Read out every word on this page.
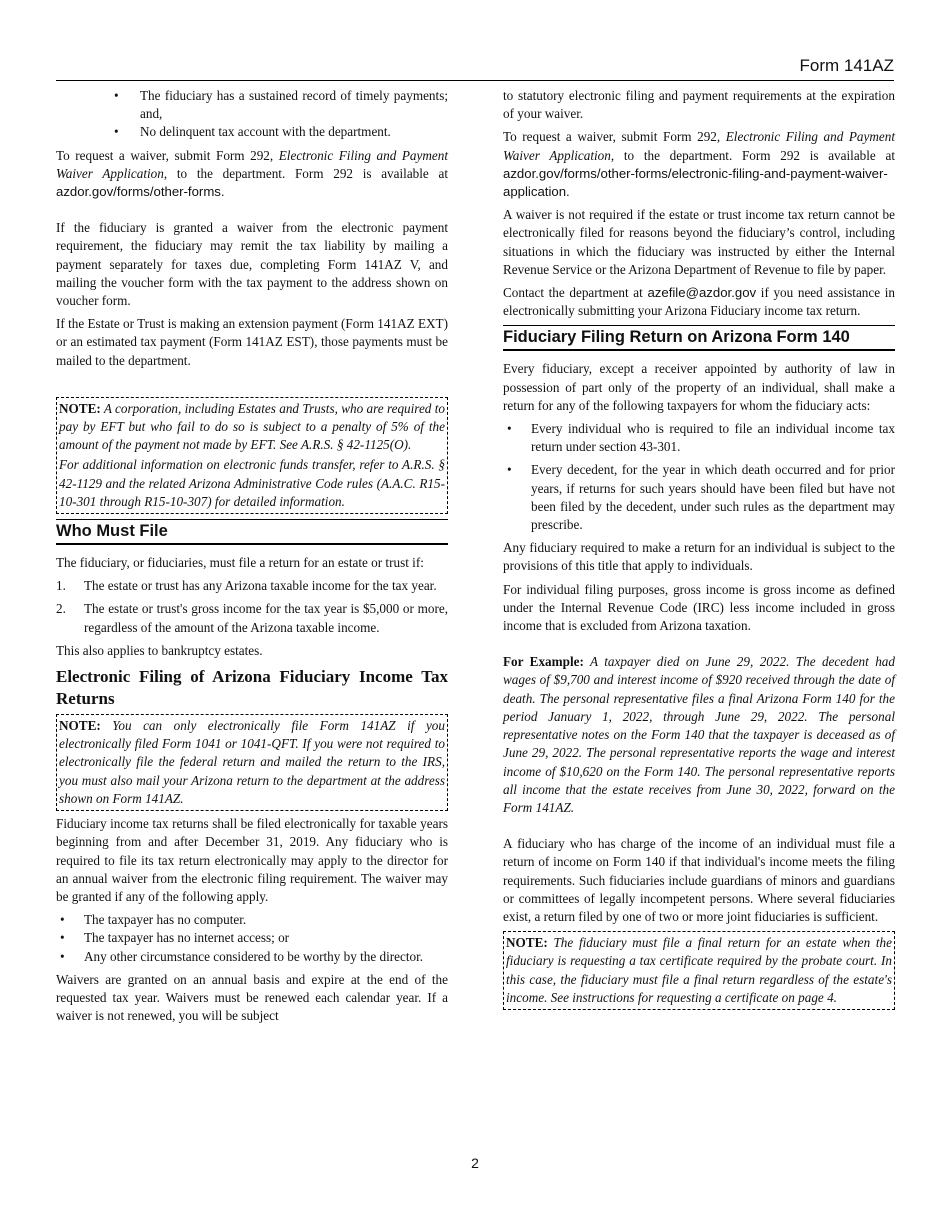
Form 141AZ
• The fiduciary has a sustained record of timely payments; and,
• No delinquent tax account with the department.

To request a waiver, submit Form 292, Electronic Filing and Payment Waiver Application, to the department. Form 292 is available at azdor.gov/forms/other-forms.

If the fiduciary is granted a waiver from the electronic payment requirement, the fiduciary may remit the tax liability by mailing a payment separately for taxes due, completing Form 141AZ V, and mailing the voucher form with the tax payment to the address shown on voucher form.

If the Estate or Trust is making an extension payment (Form 141AZ EXT) or an estimated tax payment (Form 141AZ EST), those payments must be mailed to the department.

NOTE: A corporation, including Estates and Trusts, who are required to pay by EFT but who fail to do so is subject to a penalty of 5% of the amount of the payment not made by EFT. See A.R.S. § 42-1125(O).

For additional information on electronic funds transfer, refer to A.R.S. § 42-1129 and the related Arizona Administrative Code rules (A.A.C. R15-10-301 through R15-10-307) for detailed information.

Who Must File

The fiduciary, or fiduciaries, must file a return for an estate or trust if:

1. The estate or trust has any Arizona taxable income for the tax year.
2. The estate or trust's gross income for the tax year is $5,000 or more, regardless of the amount of the Arizona taxable income.

This also applies to bankruptcy estates.

Electronic Filing of Arizona Fiduciary Income Tax Returns

NOTE: You can only electronically file Form 141AZ if you electronically filed Form 1041 or 1041-QFT. If you were not required to electronically file the federal return and mailed the return to the IRS, you must also mail your Arizona return to the department at the address shown on Form 141AZ.

Fiduciary income tax returns shall be filed electronically for taxable years beginning from and after December 31, 2019. Any fiduciary who is required to file its tax return electronically may apply to the director for an annual waiver from the electronic filing requirement. The waiver may be granted if any of the following apply.

• The taxpayer has no computer.
• The taxpayer has no internet access; or
• Any other circumstance considered to be worthy by the director.

Waivers are granted on an annual basis and expire at the end of the requested tax year. Waivers must be renewed each calendar year. If a waiver is not renewed, you will be subject

to statutory electronic filing and payment requirements at the expiration of your waiver.

To request a waiver, submit Form 292, Electronic Filing and Payment Waiver Application, to the department. Form 292 is available at azdor.gov/forms/other-forms/electronic-filing-and-payment-waiver-application.

A waiver is not required if the estate or trust income tax return cannot be electronically filed for reasons beyond the fiduciary’s control, including situations in which the fiduciary was instructed by either the Internal Revenue Service or the Arizona Department of Revenue to file by paper.

Contact the department at azefile@azdor.gov if you need assistance in electronically submitting your Arizona Fiduciary income tax return.

Fiduciary Filing Return on Arizona Form 140

Every fiduciary, except a receiver appointed by authority of law in possession of part only of the property of an individual, shall make a return for any of the following taxpayers for whom the fiduciary acts:

• Every individual who is required to file an individual income tax return under section 43-301.
• Every decedent, for the year in which death occurred and for prior years, if returns for such years should have been filed but have not been filed by the decedent, under such rules as the department may prescribe.

Any fiduciary required to make a return for an individual is subject to the provisions of this title that apply to individuals.

For individual filing purposes, gross income is gross income as defined under the Internal Revenue Code (IRC) less income included in gross income that is excluded from Arizona taxation.

For Example: A taxpayer died on June 29, 2022. The decedent had wages of $9,700 and interest income of $920 received through the date of death. The personal representative files a final Arizona Form 140 for the period January 1, 2022, through June 29, 2022. The personal representative notes on the Form 140 that the taxpayer is deceased as of June 29, 2022. The personal representative reports the wage and interest income of $10,620 on the Form 140. The personal representative reports all income that the estate receives from June 30, 2022, forward on the Form 141AZ.

A fiduciary who has charge of the income of an individual must file a return of income on Form 140 if that individual's income meets the filing requirements. Such fiduciaries include guardians of minors and guardians or committees of legally incompetent persons. Where several fiduciaries exist, a return filed by one of two or more joint fiduciaries is sufficient.

NOTE: The fiduciary must file a final return for an estate when the fiduciary is requesting a tax certificate required by the probate court. In this case, the fiduciary must file a final return regardless of the estate's income. See instructions for requesting a certificate on page 4.

2
